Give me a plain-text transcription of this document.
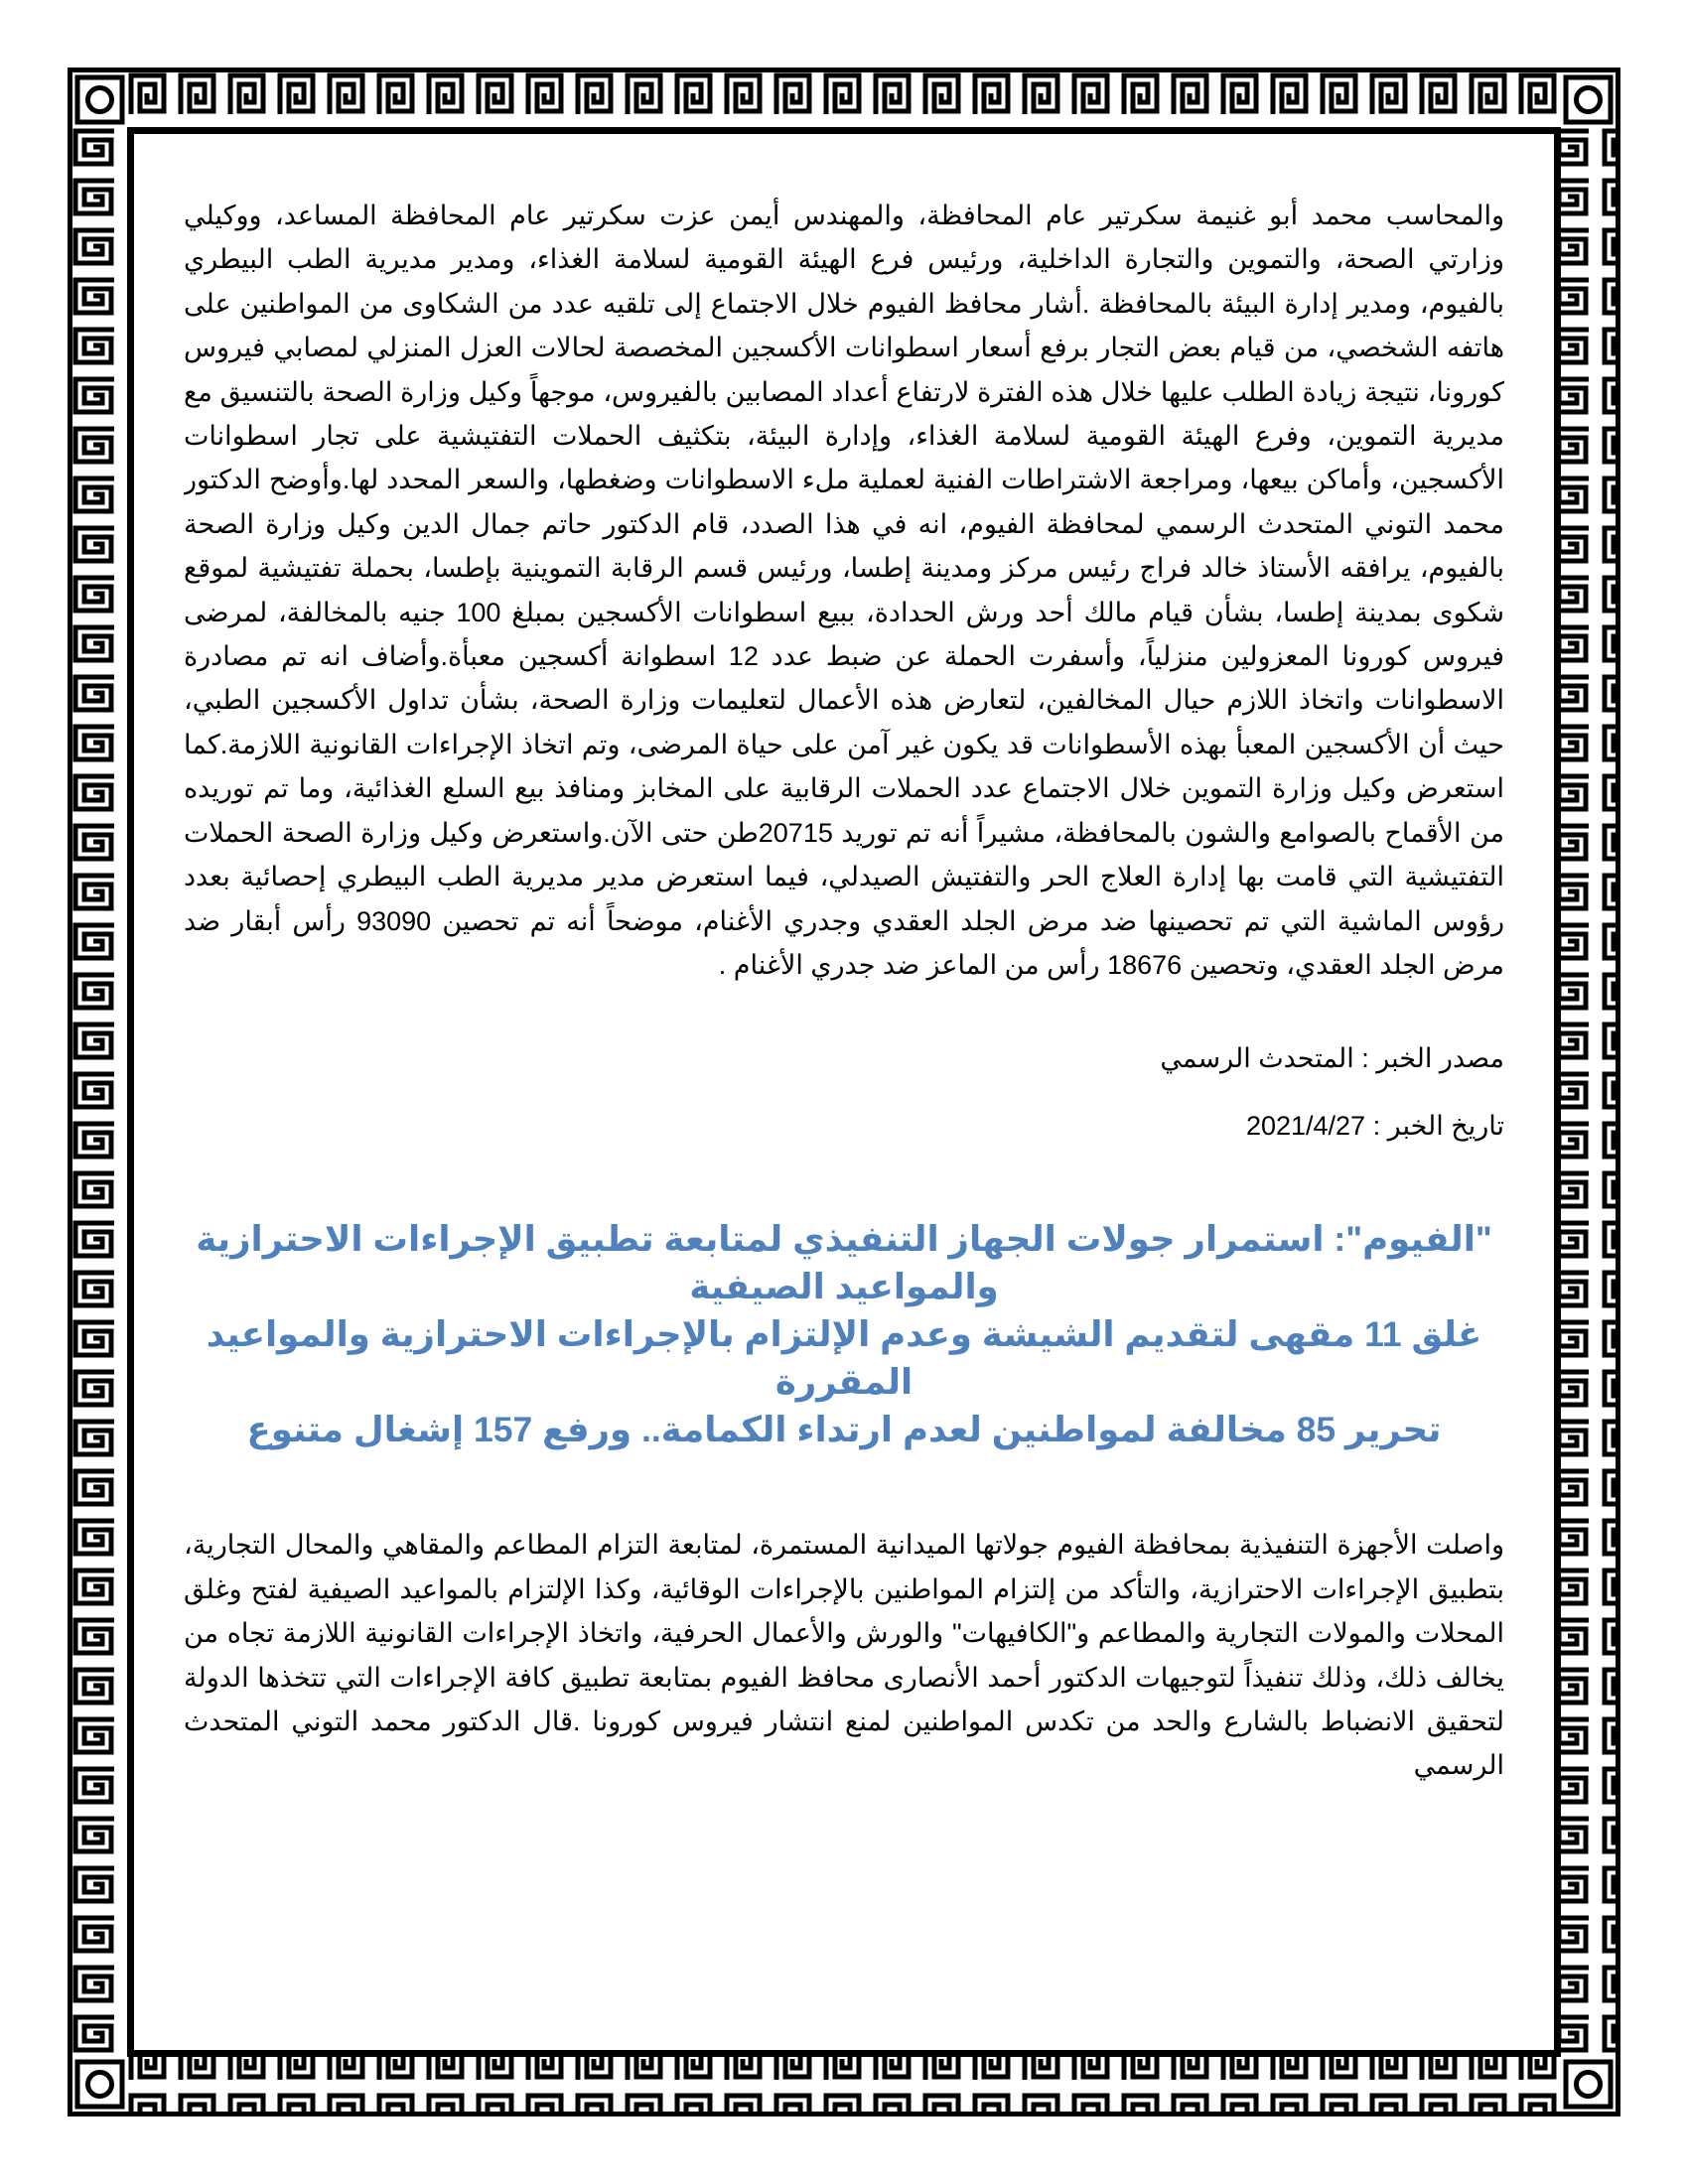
والمحاسب محمد أبو غنيمة سكرتير عام المحافظة، والمهندس أيمن عزت سكرتير عام المحافظة المساعد، ووكيلي وزارتي الصحة، والتموين والتجارة الداخلية، ورئيس فرع الهيئة القومية لسلامة الغذاء، ومدير مديرية الطب البيطري بالفيوم، ومدير إدارة البيئة بالمحافظة .أشار محافظ الفيوم خلال الاجتماع إلى تلقيه عدد من الشكاوى من المواطنين على هاتفه الشخصي، من قيام بعض التجار برفع أسعار اسطوانات الأكسجين المخصصة لحالات العزل المنزلي لمصابي فيروس كورونا، نتيجة زيادة الطلب عليها خلال هذه الفترة لارتفاع أعداد المصابين بالفيروس، موجهاً وكيل وزارة الصحة بالتنسيق مع مديرية التموين، وفرع الهيئة القومية لسلامة الغذاء، وإدارة البيئة، بتكثيف الحملات التفتيشية على تجار اسطوانات الأكسجين، وأماكن بيعها، ومراجعة الاشتراطات الفنية لعملية ملء الاسطوانات وضغطها، والسعر المحدد لها.وأوضح الدكتور محمد التوني المتحدث الرسمي لمحافظة الفيوم، انه في هذا الصدد، قام الدكتور حاتم جمال الدين وكيل وزارة الصحة بالفيوم، يرافقه الأستاذ خالد فراج رئيس مركز ومدينة إطسا، ورئيس قسم الرقابة التموينية بإطسا، بحملة تفتيشية لموقع شكوى بمدينة إطسا، بشأن قيام مالك أحد ورش الحدادة، ببيع اسطوانات الأكسجين بمبلغ 100 جنيه بالمخالفة، لمرضى فيروس كورونا المعزولين منزلياً، وأسفرت الحملة عن ضبط عدد 12 اسطوانة أكسجين معبأة.وأضاف انه تم مصادرة الاسطوانات واتخاذ اللازم حيال المخالفين، لتعارض هذه الأعمال لتعليمات وزارة الصحة، بشأن تداول الأكسجين الطبي، حيث أن الأكسجين المعبأ بهذه الأسطوانات قد يكون غير آمن على حياة المرضى، وتم اتخاذ الإجراءات القانونية اللازمة.كما استعرض وكيل وزارة التموين خلال الاجتماع عدد الحملات الرقابية على المخابز ومنافذ بيع السلع الغذائية، وما تم توريده من الأقماح بالصوامع والشون بالمحافظة، مشيراً أنه تم توريد 20715طن حتى الآن.واستعرض وكيل وزارة الصحة الحملات التفتيشية التي قامت بها إدارة العلاج الحر والتفتيش الصيدلي، فيما استعرض مدير مديرية الطب البيطري إحصائية بعدد رؤوس الماشية التي تم تحصينها ضد مرض الجلد العقدي وجدري الأغنام، موضحاً أنه تم تحصين 93090 رأس أبقار ضد مرض الجلد العقدي، وتحصين 18676 رأس من الماعز ضد جدري الأغنام .

مصدر الخبر : المتحدث الرسمي

تاريخ الخبر : 2021/4/27

"الفيوم": استمرار جولات الجهاز التنفيذي لمتابعة تطبيق الإجراءات الاحترازية والمواعيد الصيفية

غلق 11 مقهى لتقديم الشيشة وعدم الإلتزام بالإجراءات الاحترازية والمواعيد المقررة

تحرير 85 مخالفة لمواطنين لعدم ارتداء الكمامة.. ورفع 157 إشغال متنوع

واصلت الأجهزة التنفيذية بمحافظة الفيوم جولاتها الميدانية المستمرة، لمتابعة التزام المطاعم والمقاهي والمحال التجارية، بتطبيق الإجراءات الاحترازية، والتأكد من إلتزام المواطنين بالإجراءات الوقائية، وكذا الإلتزام بالمواعيد الصيفية لفتح وغلق المحلات والمولات التجارية والمطاعم و"الكافيهات" والورش والأعمال الحرفية، واتخاذ الإجراءات القانونية اللازمة تجاه من يخالف ذلك، وذلك تنفيذاً لتوجيهات الدكتور أحمد الأنصارى محافظ الفيوم بمتابعة تطبيق كافة الإجراءات التي تتخذها الدولة لتحقيق الانضباط بالشارع والحد من تكدس المواطنين لمنع انتشار فيروس كورونا .قال الدكتور محمد التوني المتحدث الرسمي
